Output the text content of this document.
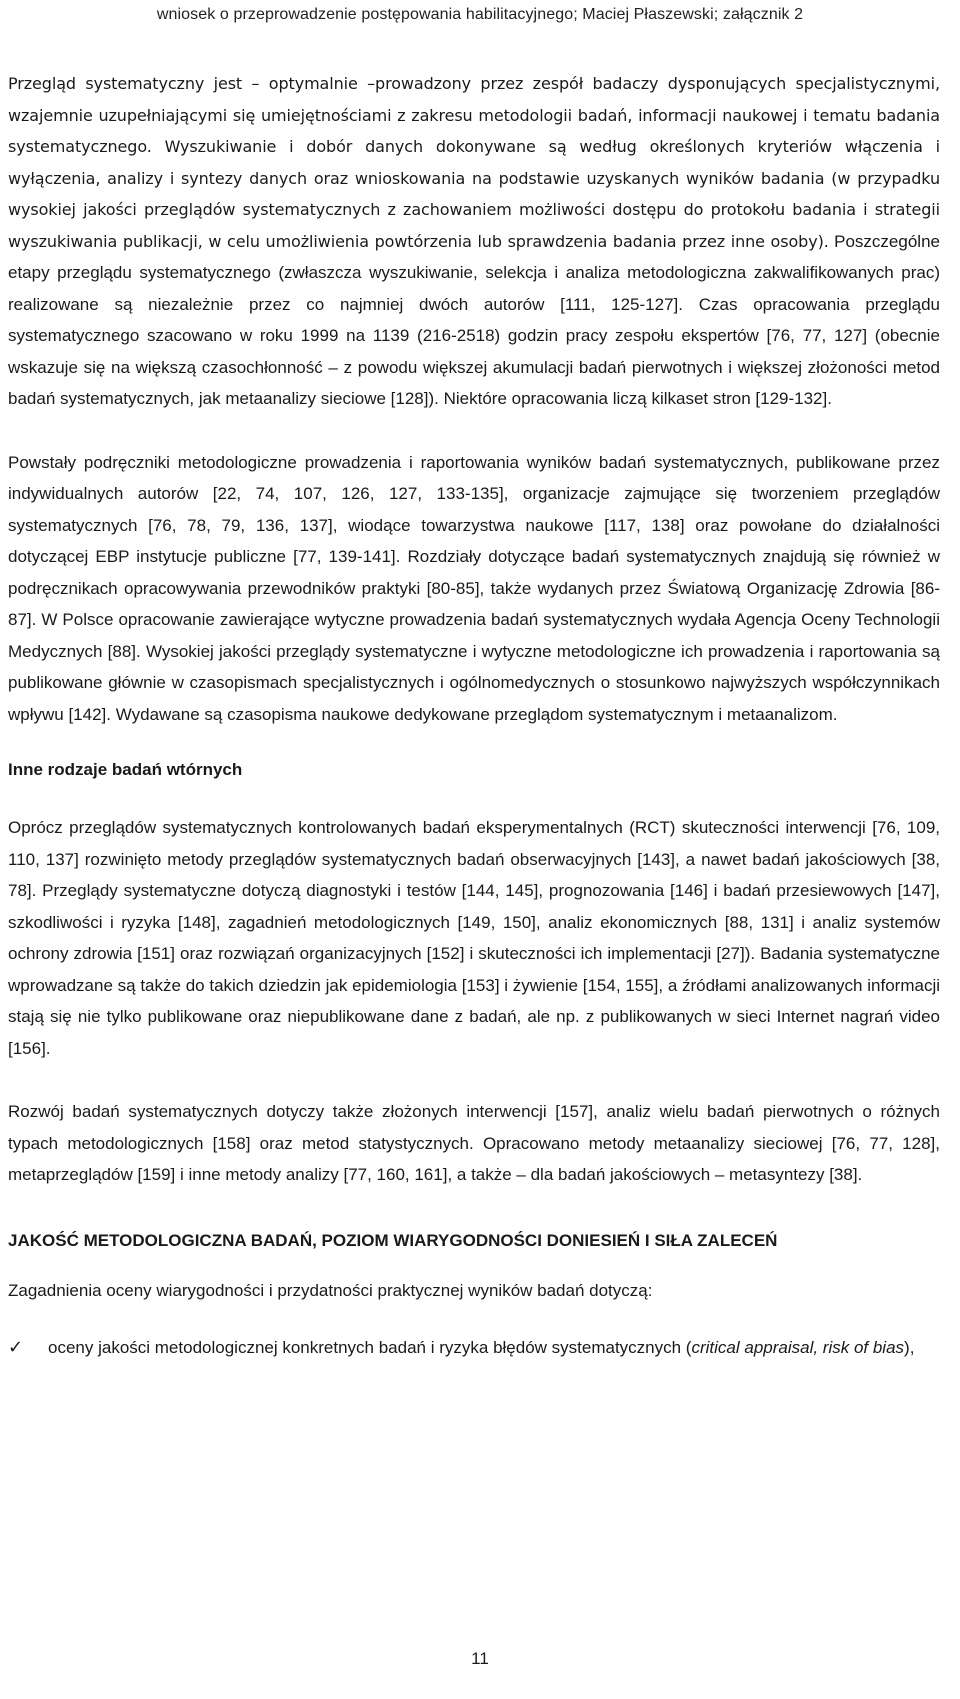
wniosek o przeprowadzenie postępowania habilitacyjnego; Maciej Płaszewski; załącznik 2

Przegląd systematyczny jest – optymalnie –prowadzony przez zespół badaczy dysponujących specjalistycznymi, wzajemnie uzupełniającymi się umiejętnościami z zakresu metodologii badań, informacji naukowej i tematu badania systematycznego. Wyszukiwanie i dobór danych dokonywane są według określonych kryteriów włączenia i wyłączenia, analizy i syntezy danych oraz wnioskowania na podstawie uzyskanych wyników badania (w przypadku wysokiej jakości przeglądów systematycznych z zachowaniem możliwości dostępu do protokołu badania i strategii wyszukiwania publikacji, w celu umożliwienia powtórzenia lub sprawdzenia badania przez inne osoby). Poszczególne etapy przeglądu systematycznego (zwłaszcza wyszukiwanie, selekcja i analiza metodologiczna zakwalifikowanych prac) realizowane są niezależnie przez co najmniej dwóch autorów [111, 125-127]. Czas opracowania przeglądu systematycznego szacowano w roku 1999 na 1139 (216-2518) godzin pracy zespołu ekspertów [76, 77, 127] (obecnie wskazuje się na większą czasochłonność – z powodu większej akumulacji badań pierwotnych i większej złożoności metod badań systematycznych, jak metaanalizy sieciowe [128]). Niektóre opracowania liczą kilkaset stron [129-132].

Powstały podręczniki metodologiczne prowadzenia i raportowania wyników badań systematycznych, publikowane przez indywidualnych autorów [22, 74, 107, 126, 127, 133-135], organizacje zajmujące się tworzeniem przeglądów systematycznych [76, 78, 79, 136, 137], wiodące towarzystwa naukowe [117, 138] oraz powołane do działalności dotyczącej EBP instytucje publiczne [77, 139-141]. Rozdziały dotyczące badań systematycznych znajdują się również w podręcznikach opracowywania przewodników praktyki [80-85], także wydanych przez Światową Organizację Zdrowia [86-87]. W Polsce opracowanie zawierające wytyczne prowadzenia badań systematycznych wydała Agencja Oceny Technologii Medycznych [88]. Wysokiej jakości przeglądy systematyczne i wytyczne metodologiczne ich prowadzenia i raportowania są publikowane głównie w czasopismach specjalistycznych i ogólnomedycznych o stosunkowo najwyższych współczynnikach wpływu [142]. Wydawane są czasopisma naukowe dedykowane przeglądom systematycznym i metaanalizom.

Inne rodzaje badań wtórnych

Oprócz przeglądów systematycznych kontrolowanych badań eksperymentalnych (RCT) skuteczności interwencji [76, 109, 110, 137] rozwinięto metody przeglądów systematycznych badań obserwacyjnych [143], a nawet badań jakościowych [38, 78]. Przeglądy systematyczne dotyczą diagnostyki i testów [144, 145], prognozowania [146] i badań przesiewowych [147], szkodliwości i ryzyka [148], zagadnień metodologicznych [149, 150], analiz ekonomicznych [88, 131] i analiz systemów ochrony zdrowia [151] oraz rozwiązań organizacyjnych [152] i skuteczności ich implementacji [27]). Badania systematyczne wprowadzane są także do takich dziedzin jak epidemiologia [153] i żywienie [154, 155], a źródłami analizowanych informacji stają się nie tylko publikowane oraz niepublikowane dane z badań, ale np. z publikowanych w sieci Internet nagrań video [156].

Rozwój badań systematycznych dotyczy także złożonych interwencji [157], analiz wielu badań pierwotnych o różnych typach metodologicznych [158] oraz metod statystycznych. Opracowano metody metaanalizy sieciowej [76, 77, 128], metaprzeglądów [159] i inne metody analizy [77, 160, 161], a także – dla badań jakościowych – metasyntezy [38].

JAKOŚĆ METODOLOGICZNA BADAŃ, POZIOM WIARYGODNOŚCI DONIESIEŃ I SIŁA ZALECEŃ

Zagadnienia oceny wiarygodności i przydatności praktycznej wyników badań dotyczą:

✓ oceny jakości metodologicznej konkretnych badań i ryzyka błędów systematycznych (critical appraisal, risk of bias),
11
